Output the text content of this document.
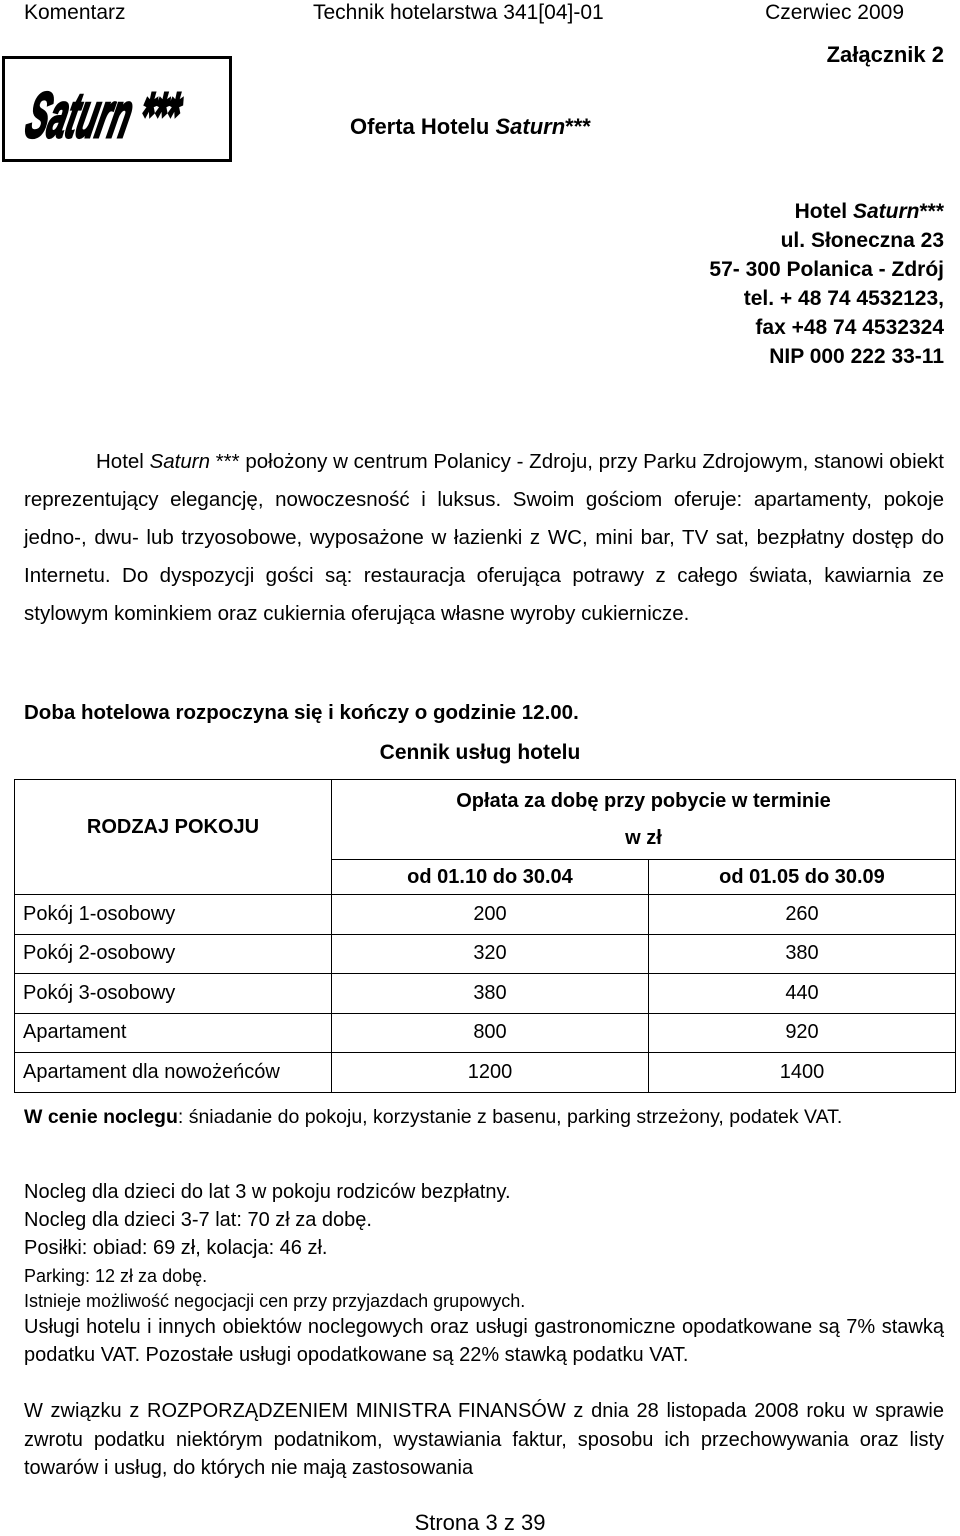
Komentarz	Technik hotelarstwa 341[04]-01	Czerwiec 2009
Załącznik 2
Saturn *** Oferta Hotelu Saturn***
Hotel Saturn***
ul. Słoneczna 23
57- 300 Polanica - Zdrój
tel. + 48 74 4532123,
fax +48 74 4532324
NIP 000 222 33-11
Hotel Saturn *** położony w centrum Polanicy - Zdroju, przy Parku Zdrojowym, stanowi obiekt reprezentujący elegancję, nowoczesność i luksus. Swoim gościom oferuje: apartamenty, pokoje jedno-, dwu- lub trzyosobowe, wyposażone w łazienki z WC, mini bar, TV sat, bezpłatny dostęp do Internetu. Do dyspozycji gości są: restauracja oferująca potrawy z całego świata, kawiarnia ze stylowym kominkiem oraz cukiernia oferująca własne wyroby cukiernicze.
Doba hotelowa rozpoczyna się i kończy o godzinie 12.00.
Cennik usług hotelu
RODZAJ POKOJU	Opłata za dobę przy pobycie w terminie
w zł	

	od 01.10 do 30.04	od 01.05 do 30.09
Pokój 1-osobowy	200	260
Pokój 2-osobowy	320	380
Pokój 3-osobowy	380	440
Apartament	800	920
Apartament dla nowożeńców	1200	1400
W cenie noclegu: śniadanie do pokoju, korzystanie z basenu, parking strzeżony, podatek VAT.
Nocleg dla dzieci do lat 3 w pokoju rodziców bezpłatny.
Nocleg dla dzieci 3-7 lat: 70 zł za dobę.
Posiłki: obiad: 69 zł, kolacja: 46 zł.
Parking: 12 zł za dobę.
Istnieje możliwość negocjacji cen przy przyjazdach grupowych.
Usługi hotelu i innych obiektów noclegowych oraz usługi gastronomiczne opodatkowane są 7% stawką podatku VAT. Pozostałe usługi opodatkowane są 22% stawką podatku VAT.
W związku z ROZPORZĄDZENIEM MINISTRA FINANSÓW z dnia 28 listopada 2008 roku w sprawie zwrotu podatku niektórym podatnikom, wystawiania faktur, sposobu ich przechowywania oraz listy towarów i usług, do których nie mają zastosowania
Strona 3 z 39
